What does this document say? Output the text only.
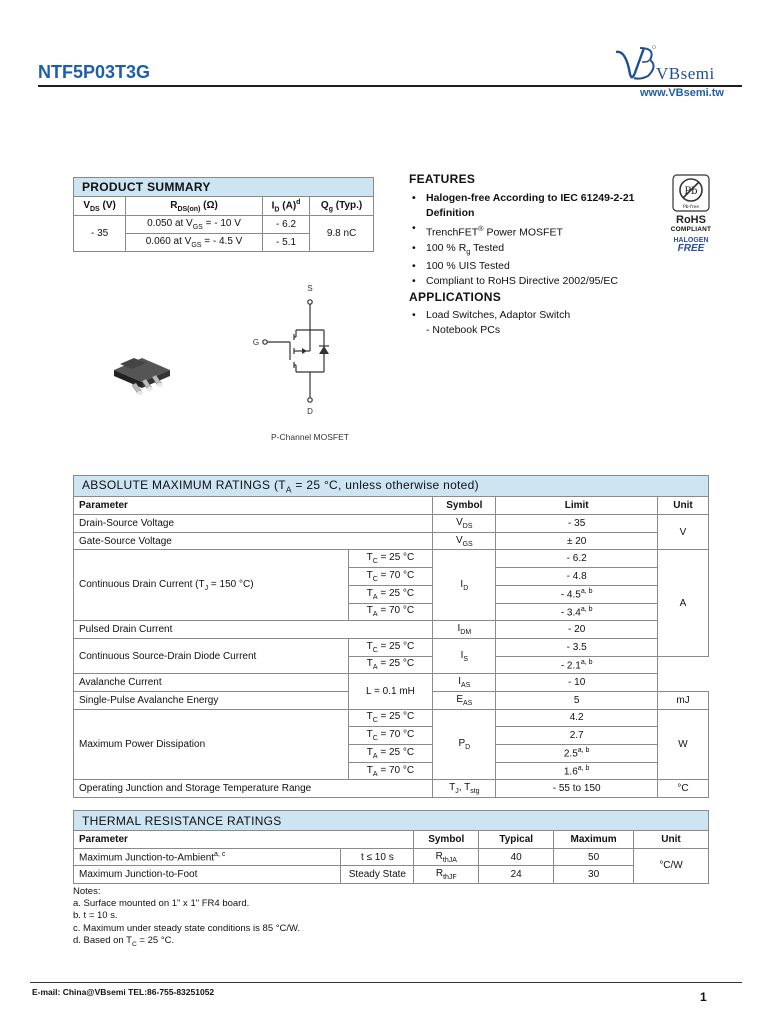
NTF5P03T3G	VBsemi
www.VBsemi.tw
PRODUCT SUMMARY			
$V_{DS}$ (V)	$R_{DS(on)}$ (Ω)	$I_D$ $(A)^d$	$Q_g$ (Typ.)
- 35	0.050 at $V_{GS}$ = - 10 V	- 6.2	9.8 nC
	0.060 at $V_{GS}$ = - 4.5 V	- 5.1	
FEATURES
• Halogen-free According to IEC 61249-2-21 Definition
• TrenchFET® Power MOSFET
• 100 % $R_g$ Tested
• 100 % UIS Tested
• Compliant to RoHS Directive 2002/95/EC
APPLICATIONS
• Load Switches, Adaptor Switch
- Notebook PCs
Pb
Pb-free
RoHS
COMPLIANT
HALOGEN
FREE
S
G
D
P-Channel MOSFET
ABSOLUTE MAXIMUM RATINGS ($T_A = 25$ °C, unless otherwise noted)				
Parameter		Symbol	Limit	Unit
Drain-Source Voltage		$V_{DS}$	- 35	V
Gate-Source Voltage		$V_{GS}$	± 20	
Continuous Drain Current ($T_J = 150$ °C)	$T_C = 25$ °C	$I_D$	- 6.2	A
	$T_C = 70$ °C		- 4.8	
	$T_A = 25$ °C		- 4.5$^{a, b}$
	$T_A = 70$ °C		- 3.4$^{a, b}$
Pulsed Drain Current		$I_{DM}$	- 20	
Continuous Source-Drain Diode Current	$T_C = 25$ °C	$I_S$	- 3.5	
	$T_A = 25$ °C		- 2.1$^{a, b}$
Avalanche Current	L = 0.1 mH	$I_{AS}$	- 10	
Single-Pulse Avalanche Energy		$E_{AS}$	5	mJ
Maximum Power Dissipation	$T_C = 25$ °C	$P_D$	4.2	W
	$T_C = 70$ °C		2.7	
	$T_A = 25$ °C		2.5$^{a, b}$
	$T_A = 70$ °C		1.6$^{a, b}$
Operating Junction and Storage Temperature Range		$T_J$, $T_{stg}$	- 55 to 150	°C
THERMAL RESISTANCE RATINGS					
Parameter		Symbol	Typical	Maximum	Unit
Maximum Junction-to-Ambient$^{a, c}$	t ≤ 10 s	$R_{thJA}$	40	50	°C/W
Maximum Junction-to-Foot	Steady State	$R_{thJF}$	24	30	
Notes:
a. Surface mounted on 1" x 1" FR4 board.
b. t = 10 s.
c. Maximum under steady state conditions is 85 °C/W.
d. Based on $T_C = 25$ °C.
E-mail: China@VBsemi TEL:86-755-83251052	1
